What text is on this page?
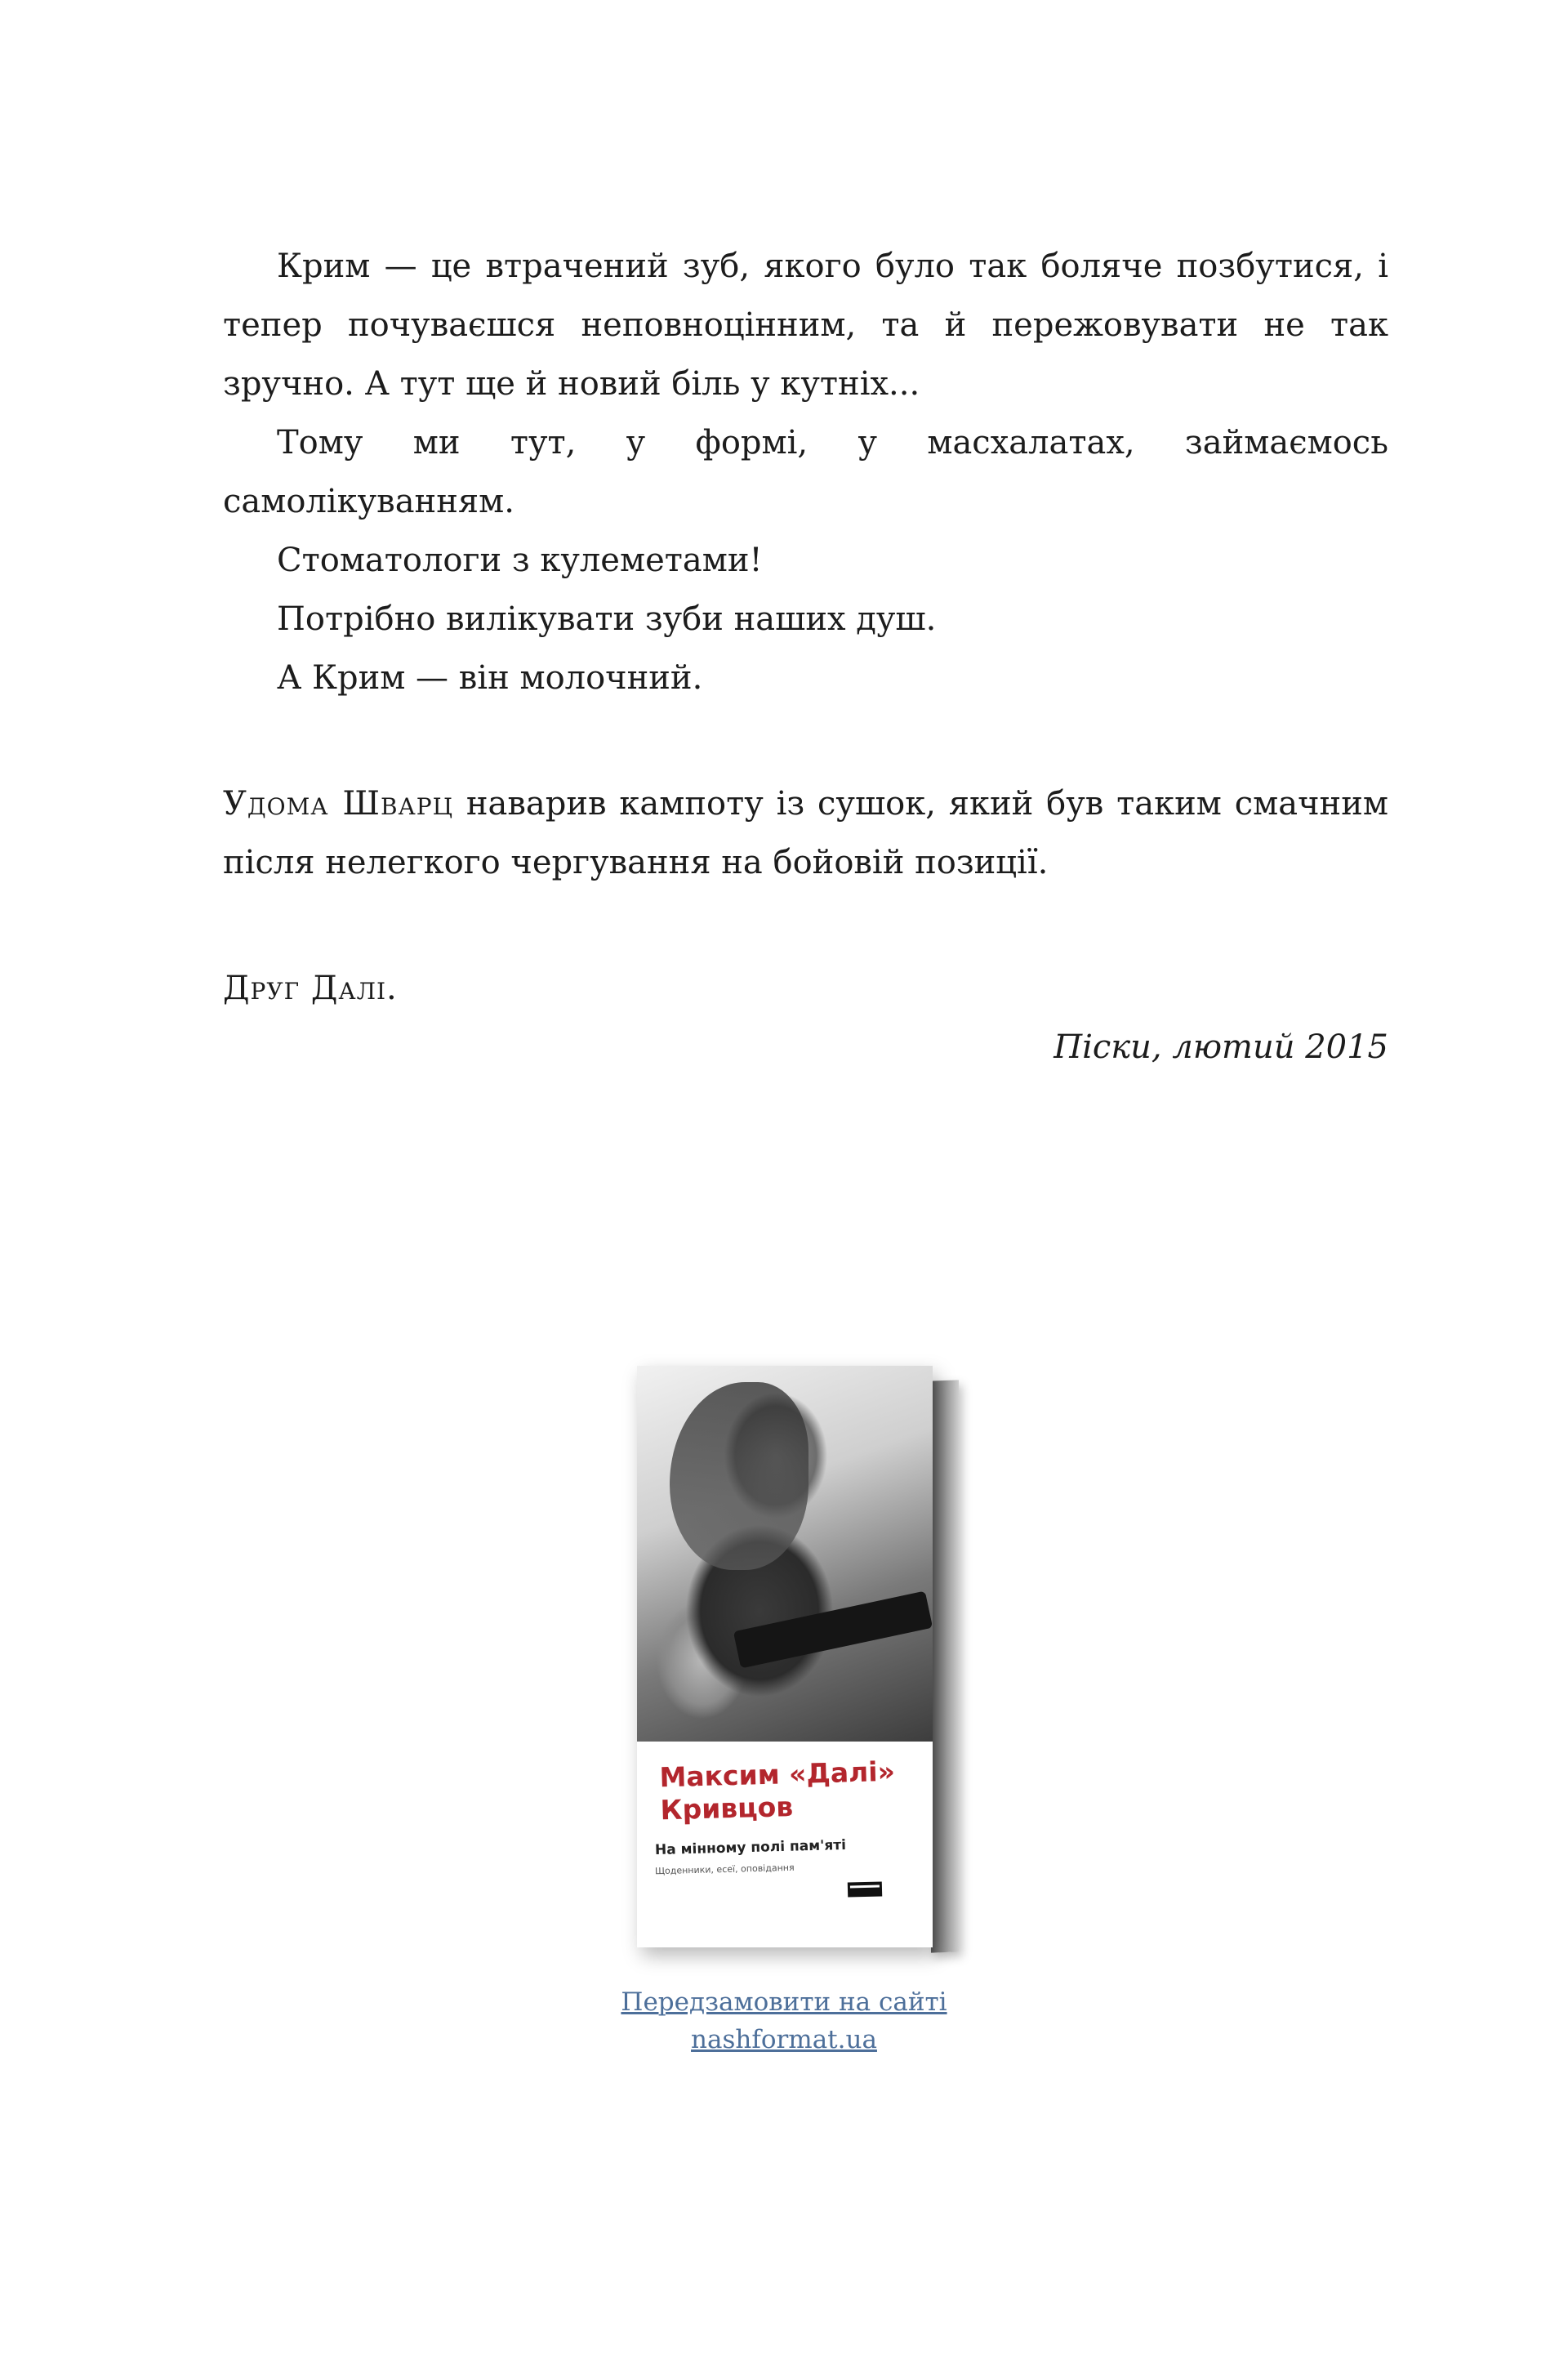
Крим — це втрачений зуб, якого було так боляче позбутися, і тепер почуваєшся неповноцінним, та й пережовувати не так зручно. А тут ще й новий біль у кутніх...

Тому ми тут, у формі, у масхалатах, займаємось самолікуванням.

Стоматологи з кулеметами!

Потрібно вилікувати зуби наших душ.

А Крим — він молочний.

Удома Шварц наварив кампоту із сушок, який був таким смачним після нелегкого чергування на бойовій позиції.

Друг Далі.

Піски, лютий 2015

Максим «Далі» Кривцов
На мінному полі пам'яті
Щоденники, есеї, оповідання
Передзамовити на сайті
nashformat.ua
